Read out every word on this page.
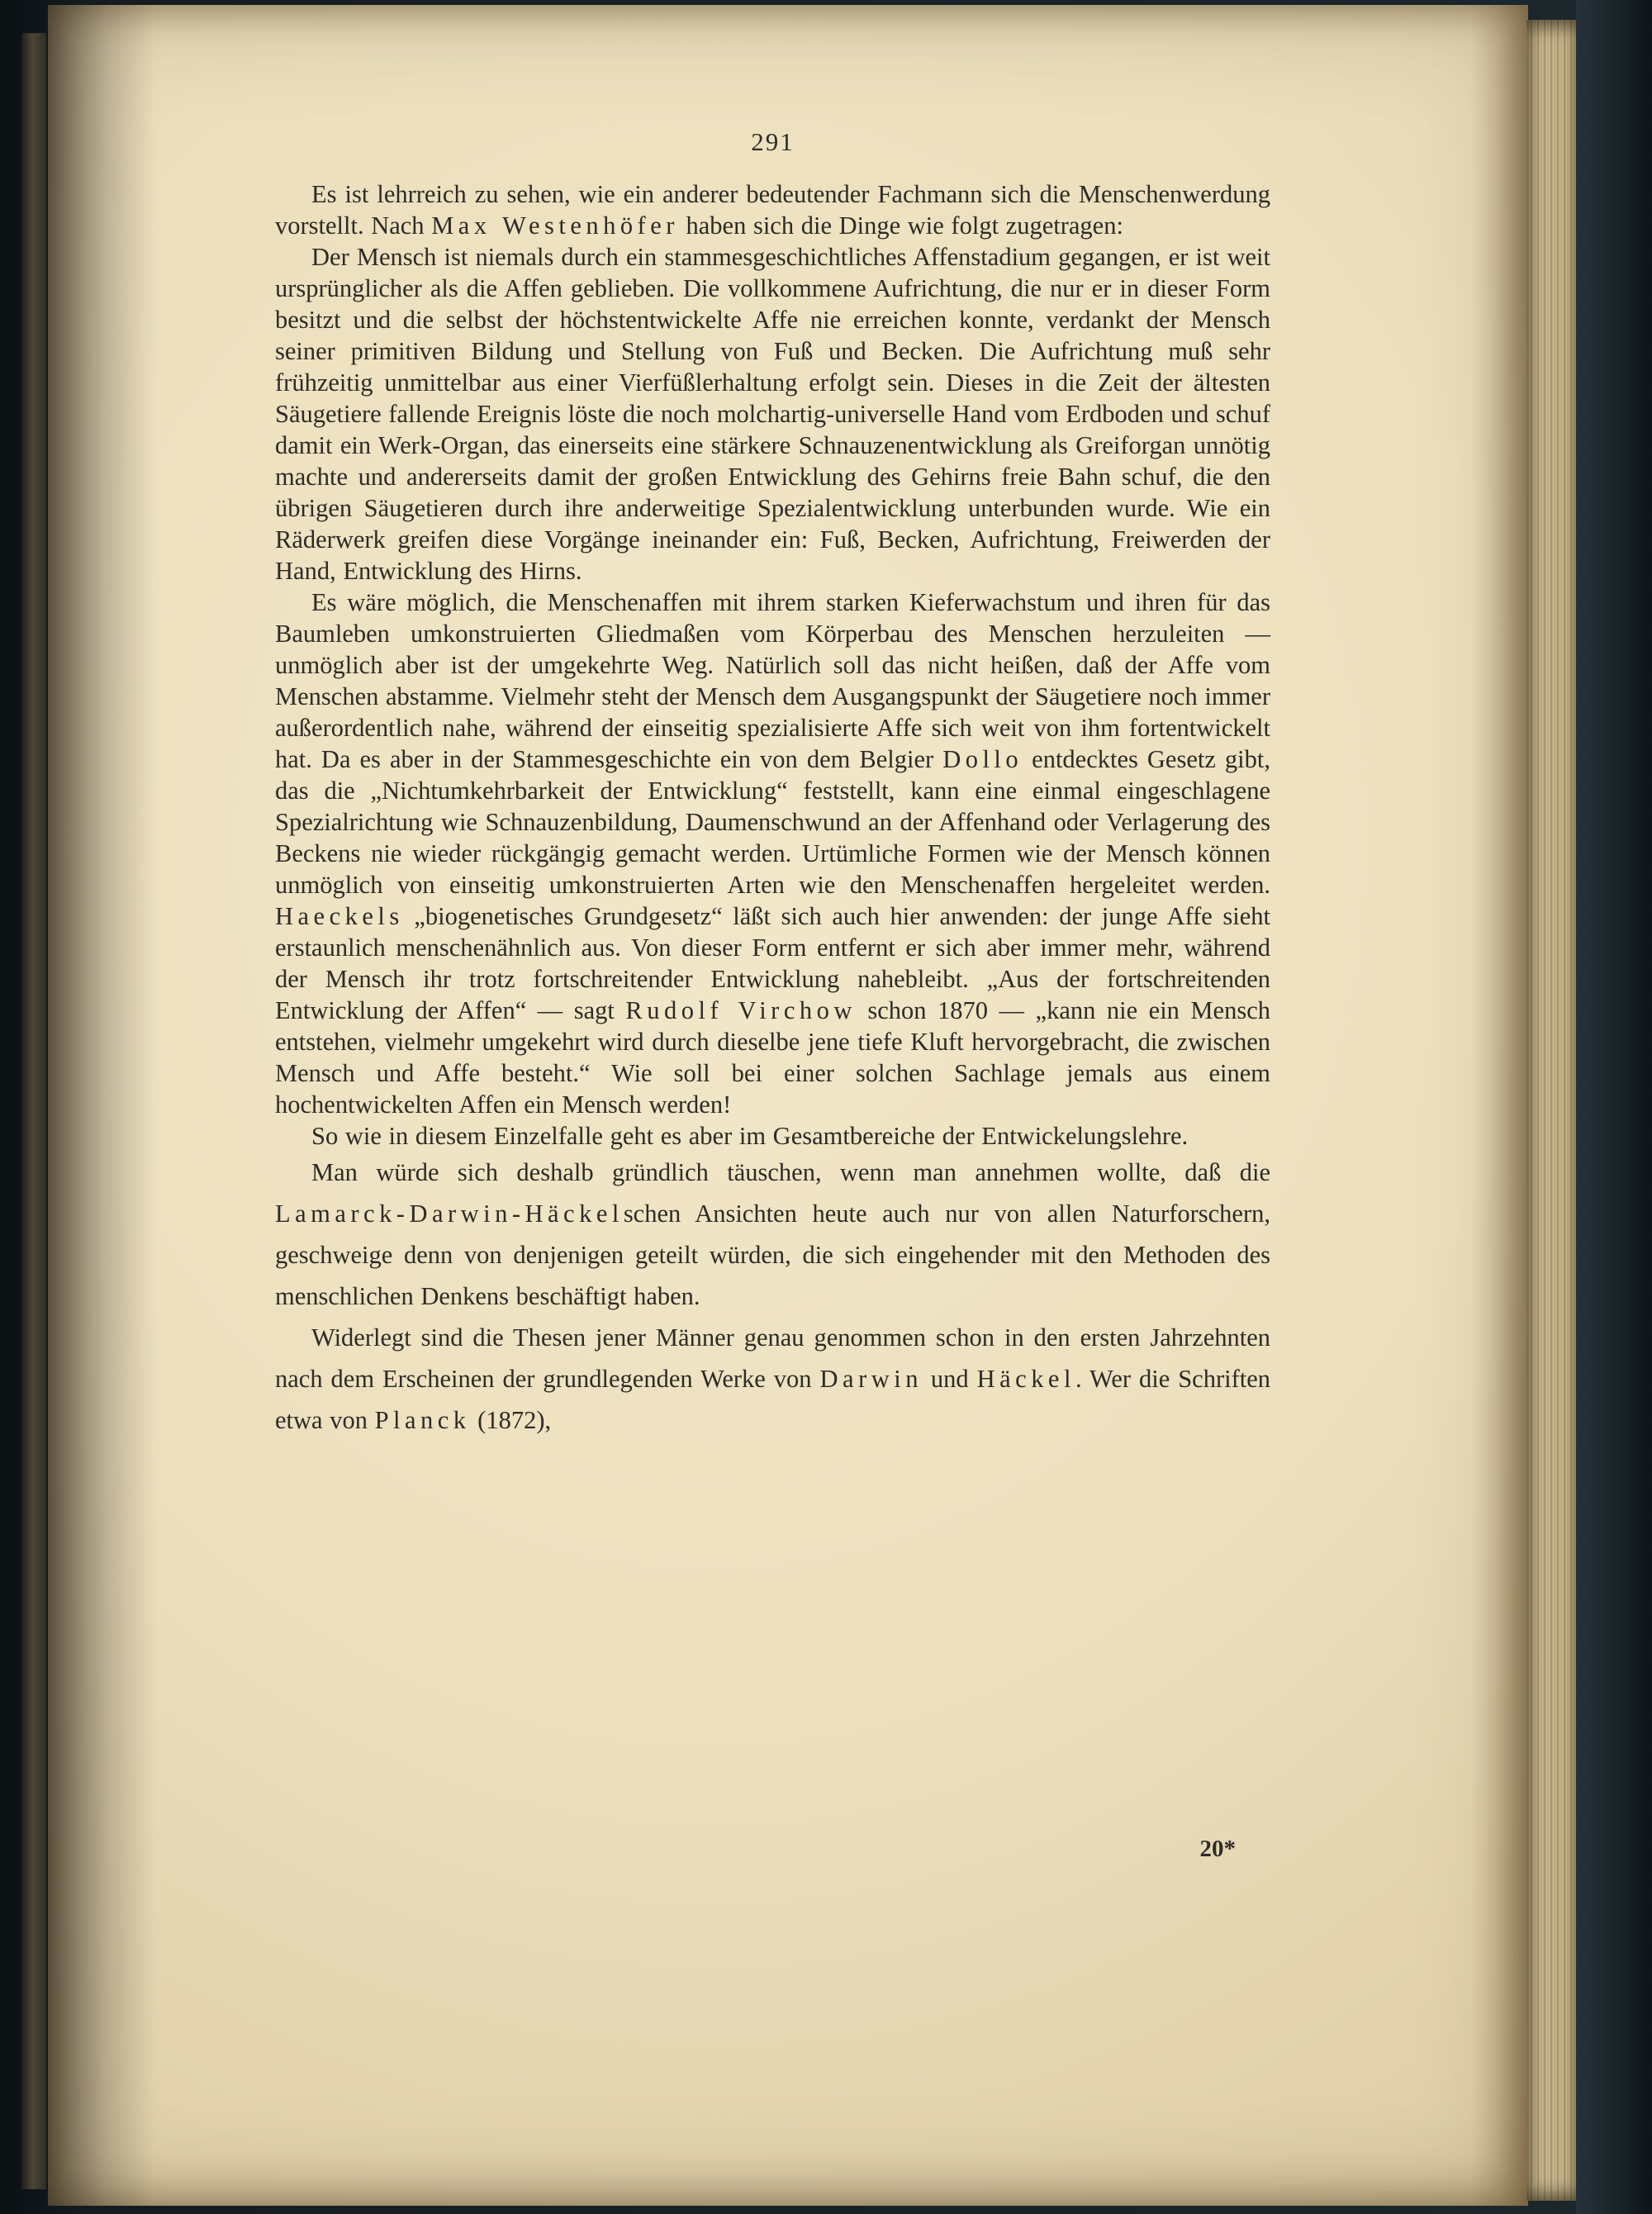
291

Es ist lehrreich zu sehen, wie ein anderer bedeutender Fachmann sich die Menschenwerdung vorstellt. Nach Max Westenhöfer haben sich die Dinge wie folgt zugetragen:

Der Mensch ist niemals durch ein stammesgeschichtliches Affenstadium gegangen, er ist weit ursprünglicher als die Affen geblieben. Die vollkommene Aufrichtung, die nur er in dieser Form besitzt und die selbst der höchstentwickelte Affe nie erreichen konnte, verdankt der Mensch seiner primitiven Bildung und Stellung von Fuß und Becken. Die Aufrichtung muß sehr frühzeitig unmittelbar aus einer Vierfüßlerhaltung erfolgt sein. Dieses in die Zeit der ältesten Säugetiere fallende Ereignis löste die noch molchartig-universelle Hand vom Erdboden und schuf damit ein Werk-Organ, das einerseits eine stärkere Schnauzenentwicklung als Greiforgan unnötig machte und andererseits damit der großen Entwicklung des Gehirns freie Bahn schuf, die den übrigen Säugetieren durch ihre anderweitige Spezialentwicklung unterbunden wurde. Wie ein Räderwerk greifen diese Vorgänge ineinander ein: Fuß, Becken, Aufrichtung, Freiwerden der Hand, Entwicklung des Hirns.

Es wäre möglich, die Menschenaffen mit ihrem starken Kieferwachstum und ihren für das Baumleben umkonstruierten Gliedmaßen vom Körperbau des Menschen herzuleiten — unmöglich aber ist der umgekehrte Weg. Natürlich soll das nicht heißen, daß der Affe vom Menschen abstamme. Vielmehr steht der Mensch dem Ausgangspunkt der Säugetiere noch immer außerordentlich nahe, während der einseitig spezialisierte Affe sich weit von ihm fortentwickelt hat. Da es aber in der Stammesgeschichte ein von dem Belgier Dollo entdecktes Gesetz gibt, das die „Nichtumkehrbarkeit der Entwicklung“ feststellt, kann eine einmal eingeschlagene Spezialrichtung wie Schnauzenbildung, Daumenschwund an der Affenhand oder Verlagerung des Beckens nie wieder rückgängig gemacht werden. Urtümliche Formen wie der Mensch können unmöglich von einseitig umkonstruierten Arten wie den Menschenaffen hergeleitet werden. Haeckels „biogenetisches Grundgesetz“ läßt sich auch hier anwenden: der junge Affe sieht erstaunlich menschenähnlich aus. Von dieser Form entfernt er sich aber immer mehr, während der Mensch ihr trotz fortschreitender Entwicklung nahebleibt. „Aus der fortschreitenden Entwicklung der Affen“ — sagt Rudolf Virchow schon 1870 — „kann nie ein Mensch entstehen, vielmehr umgekehrt wird durch dieselbe jene tiefe Kluft hervorgebracht, die zwischen Mensch und Affe besteht.“ Wie soll bei einer solchen Sachlage jemals aus einem hochentwickelten Affen ein Mensch werden!

So wie in diesem Einzelfalle geht es aber im Gesamtbereiche der Entwickelungslehre.

Man würde sich deshalb gründlich täuschen, wenn man annehmen wollte, daß die Lamarck-Darwin-Häckelschen Ansichten heute auch nur von allen Naturforschern, geschweige denn von denjenigen geteilt würden, die sich eingehender mit den Methoden des menschlichen Denkens beschäftigt haben.

Widerlegt sind die Thesen jener Männer genau genommen schon in den ersten Jahrzehnten nach dem Erscheinen der grundlegenden Werke von Darwin und Häckel. Wer die Schriften etwa von Planck (1872),

20*
